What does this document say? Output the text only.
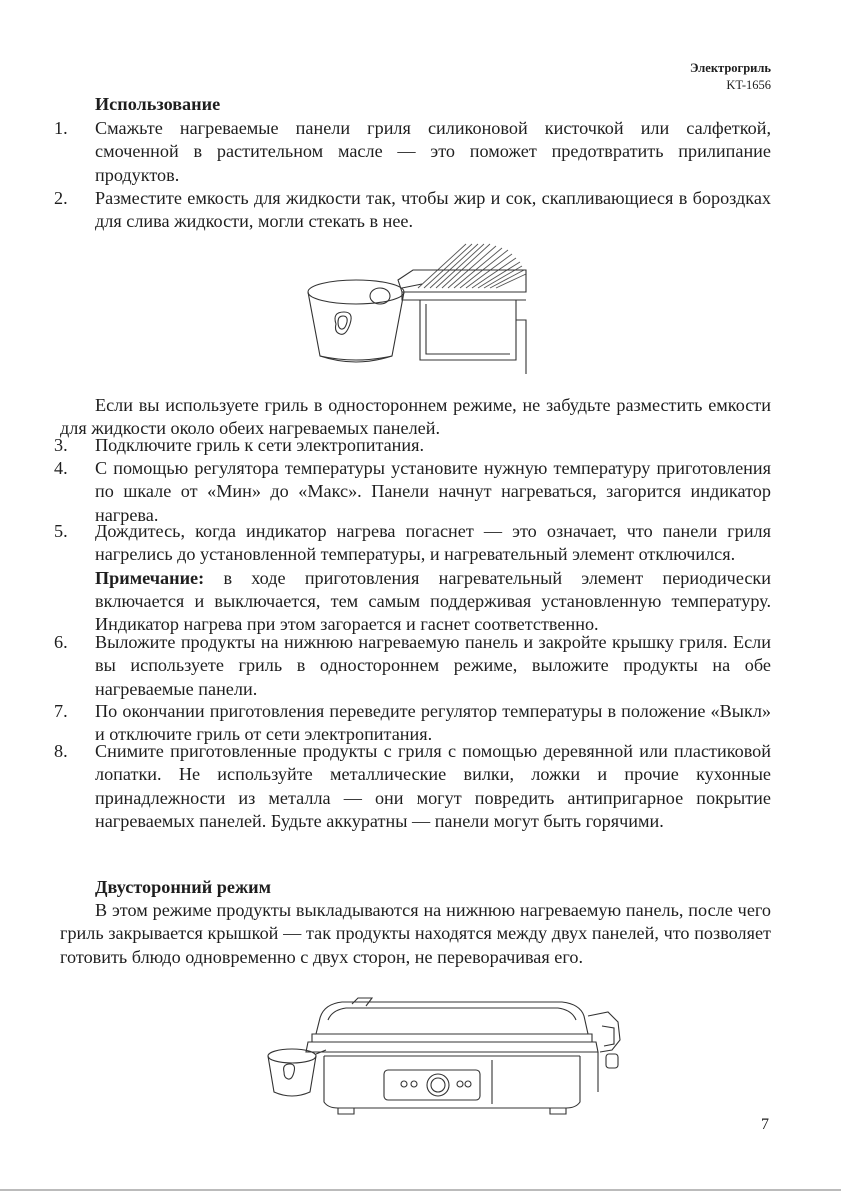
Электрогриль
KT-1656
Использование
1. Смажьте нагреваемые панели гриля силиконовой кисточкой или салфеткой, смоченной в растительном масле — это поможет предотвратить прилипание продуктов.
2. Разместите емкость для жидкости так, чтобы жир и сок, скапливающиеся в бороздках для слива жидкости, могли стекать в нее.
Если вы используете гриль в одностороннем режиме, не забудьте разместить емкости для жидкости около обеих нагреваемых панелей.
3. Подключите гриль к сети электропитания.
4. С помощью регулятора температуры установите нужную температуру приготовления по шкале от «Мин» до «Макс». Панели начнут нагреваться, загорится индикатор нагрева.
5. Дождитесь, когда индикатор нагрева погаснет — это означает, что панели гриля нагрелись до установленной температуры, и нагревательный элемент отключился.
Примечание: в ходе приготовления нагревательный элемент периодически включается и выключается, тем самым поддерживая установленную температуру. Индикатор нагрева при этом загорается и гаснет соответственно.
6. Выложите продукты на нижнюю нагреваемую панель и закройте крышку гриля. Если вы используете гриль в одностороннем режиме, выложите продукты на обе нагреваемые панели.
7. По окончании приготовления переведите регулятор температуры в положение «Выкл» и отключите гриль от сети электропитания.
8. Снимите приготовленные продукты с гриля с помощью деревянной или пластиковой лопатки. Не используйте металлические вилки, ложки и прочие кухонные принадлежности из металла — они могут повредить антипригарное покрытие нагреваемых панелей. Будьте аккуратны — панели могут быть горячими.
Двусторонний режим
В этом режиме продукты выкладываются на нижнюю нагреваемую панель, после чего гриль закрывается крышкой — так продукты находятся между двух панелей, что позволяет готовить блюдо одновременно с двух сторон, не переворачивая его.
7
